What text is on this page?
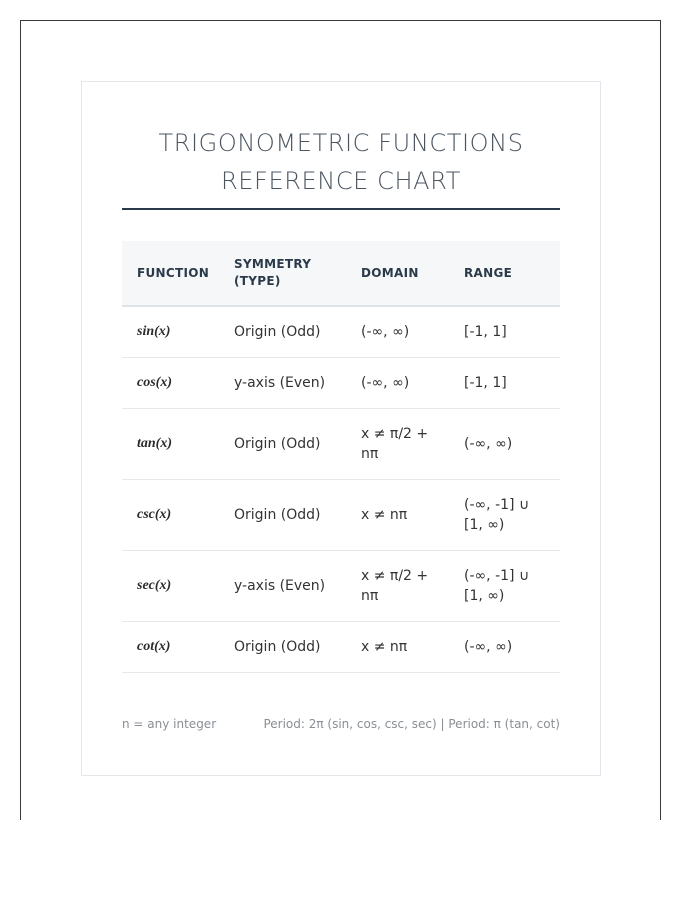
TRIGONOMETRIC FUNCTIONS
REFERENCE CHART
FUNCTION	SYMMETRY (TYPE)	DOMAIN	RANGE
sin(x)	Origin (Odd)	(-∞, ∞)	[-1, 1]
cos(x)	y-axis (Even)	(-∞, ∞)	[-1, 1]
tan(x)	Origin (Odd)	x ≠ π/2 + nπ	(-∞, ∞)
csc(x)	Origin (Odd)	x ≠ nπ	(-∞, -1] ∪ [1, ∞)
sec(x)	y-axis (Even)	x ≠ π/2 + nπ	(-∞, -1] ∪ [1, ∞)
cot(x)	Origin (Odd)	x ≠ nπ	(-∞, ∞)
n = any integer	Period: 2π (sin, cos, csc, sec) | Period: π (tan, cot)
